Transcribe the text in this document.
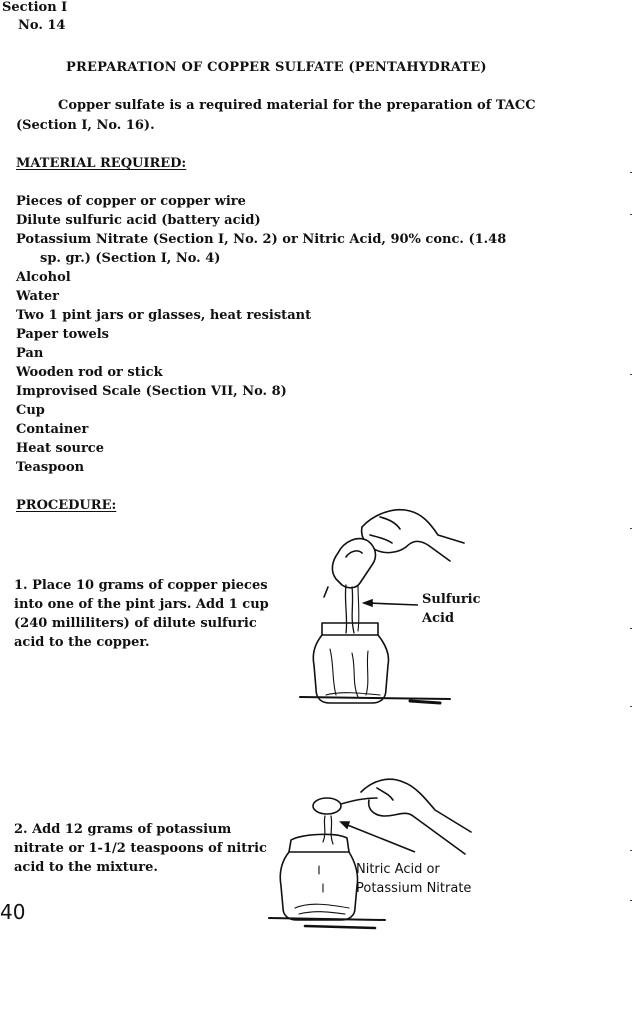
Section I
No. 14
PREPARATION OF COPPER SULFATE (PENTAHYDRATE)
Copper sulfate is a required material for the preparation of TACC
(Section I, No. 16).
MATERIAL REQUIRED:
Pieces of copper or copper wire
Dilute sulfuric acid (battery acid)
Potassium Nitrate (Section I, No. 2) or Nitric Acid, 90% conc. (1.48
sp. gr.) (Section I, No. 4)
Alcohol
Water
Two 1 pint jars or glasses, heat resistant
Paper towels
Pan
Wooden rod or stick
Improvised Scale (Section VII, No. 8)
Cup
Container
Heat source
Teaspoon
PROCEDURE:
1. Place 10 grams of copper pieces
into one of the pint jars. Add 1 cup
(240 milliliters) of dilute sulfuric
acid to the copper.
Sulfuric
Acid
2. Add 12 grams of potassium
nitrate or 1-1/2 teaspoons of nitric
acid to the mixture.	Nitric Acid or
Potassium Nitrate
40
